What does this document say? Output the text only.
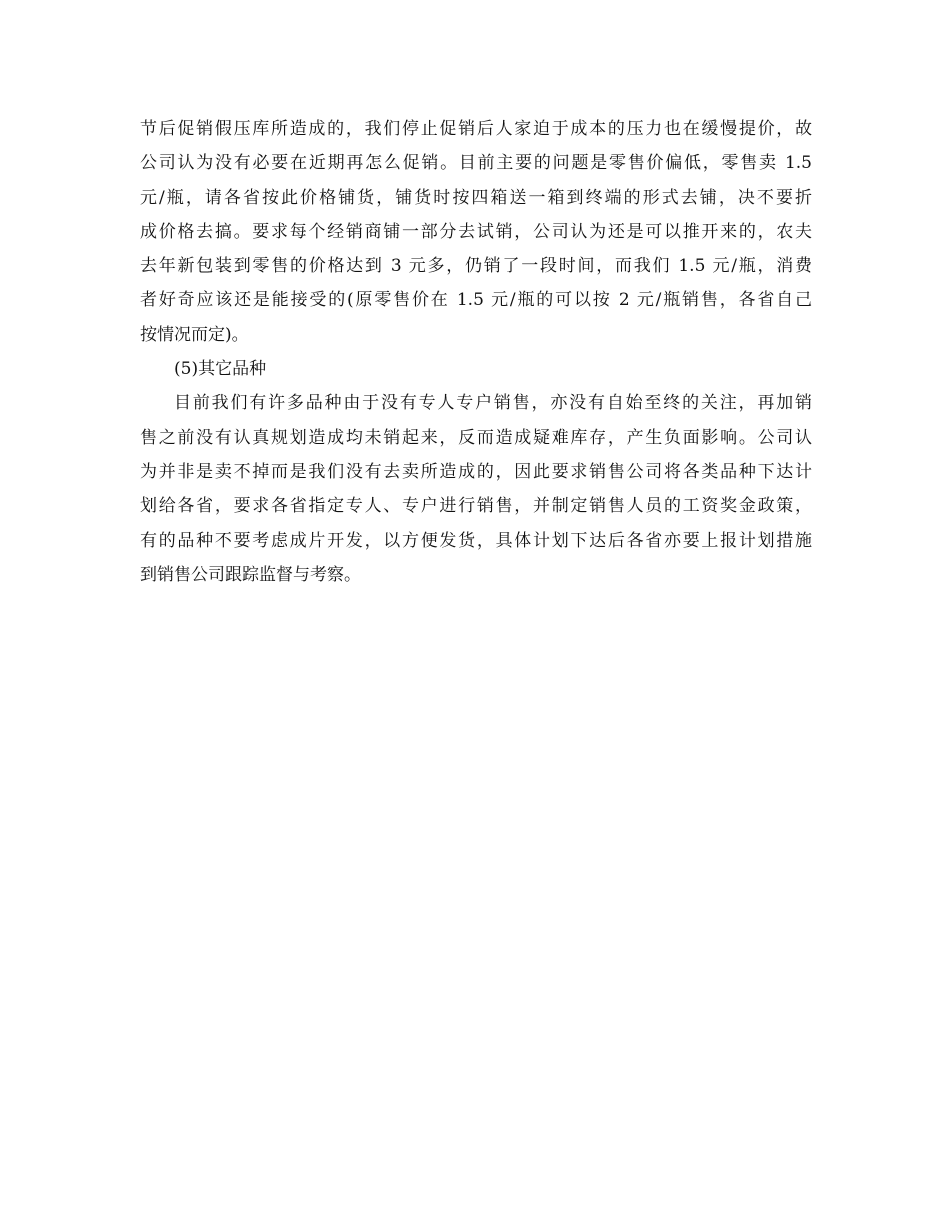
节后促销假压库所造成的，我们停止促销后人家迫于成本的压力也在缓慢提价，故
公司认为没有必要在近期再怎么促销。目前主要的问题是零售价偏低，零售卖 1.5
元/瓶，请各省按此价格铺货，铺货时按四箱送一箱到终端的形式去铺，决不要折
成价格去搞。要求每个经销商铺一部分去试销，公司认为还是可以推开来的，农夫
去年新包装到零售的价格达到 3 元多，仍销了一段时间，而我们 1.5 元/瓶，消费
者好奇应该还是能接受的(原零售价在 1.5 元/瓶的可以按 2 元/瓶销售，各省自己
按情况而定)。
(5)其它品种
目前我们有许多品种由于没有专人专户销售，亦没有自始至终的关注，再加销
售之前没有认真规划造成均未销起来，反而造成疑难库存，产生负面影响。公司认
为并非是卖不掉而是我们没有去卖所造成的，因此要求销售公司将各类品种下达计
划给各省，要求各省指定专人、专户进行销售，并制定销售人员的工资奖金政策，
有的品种不要考虑成片开发，以方便发货，具体计划下达后各省亦要上报计划措施
到销售公司跟踪监督与考察。
